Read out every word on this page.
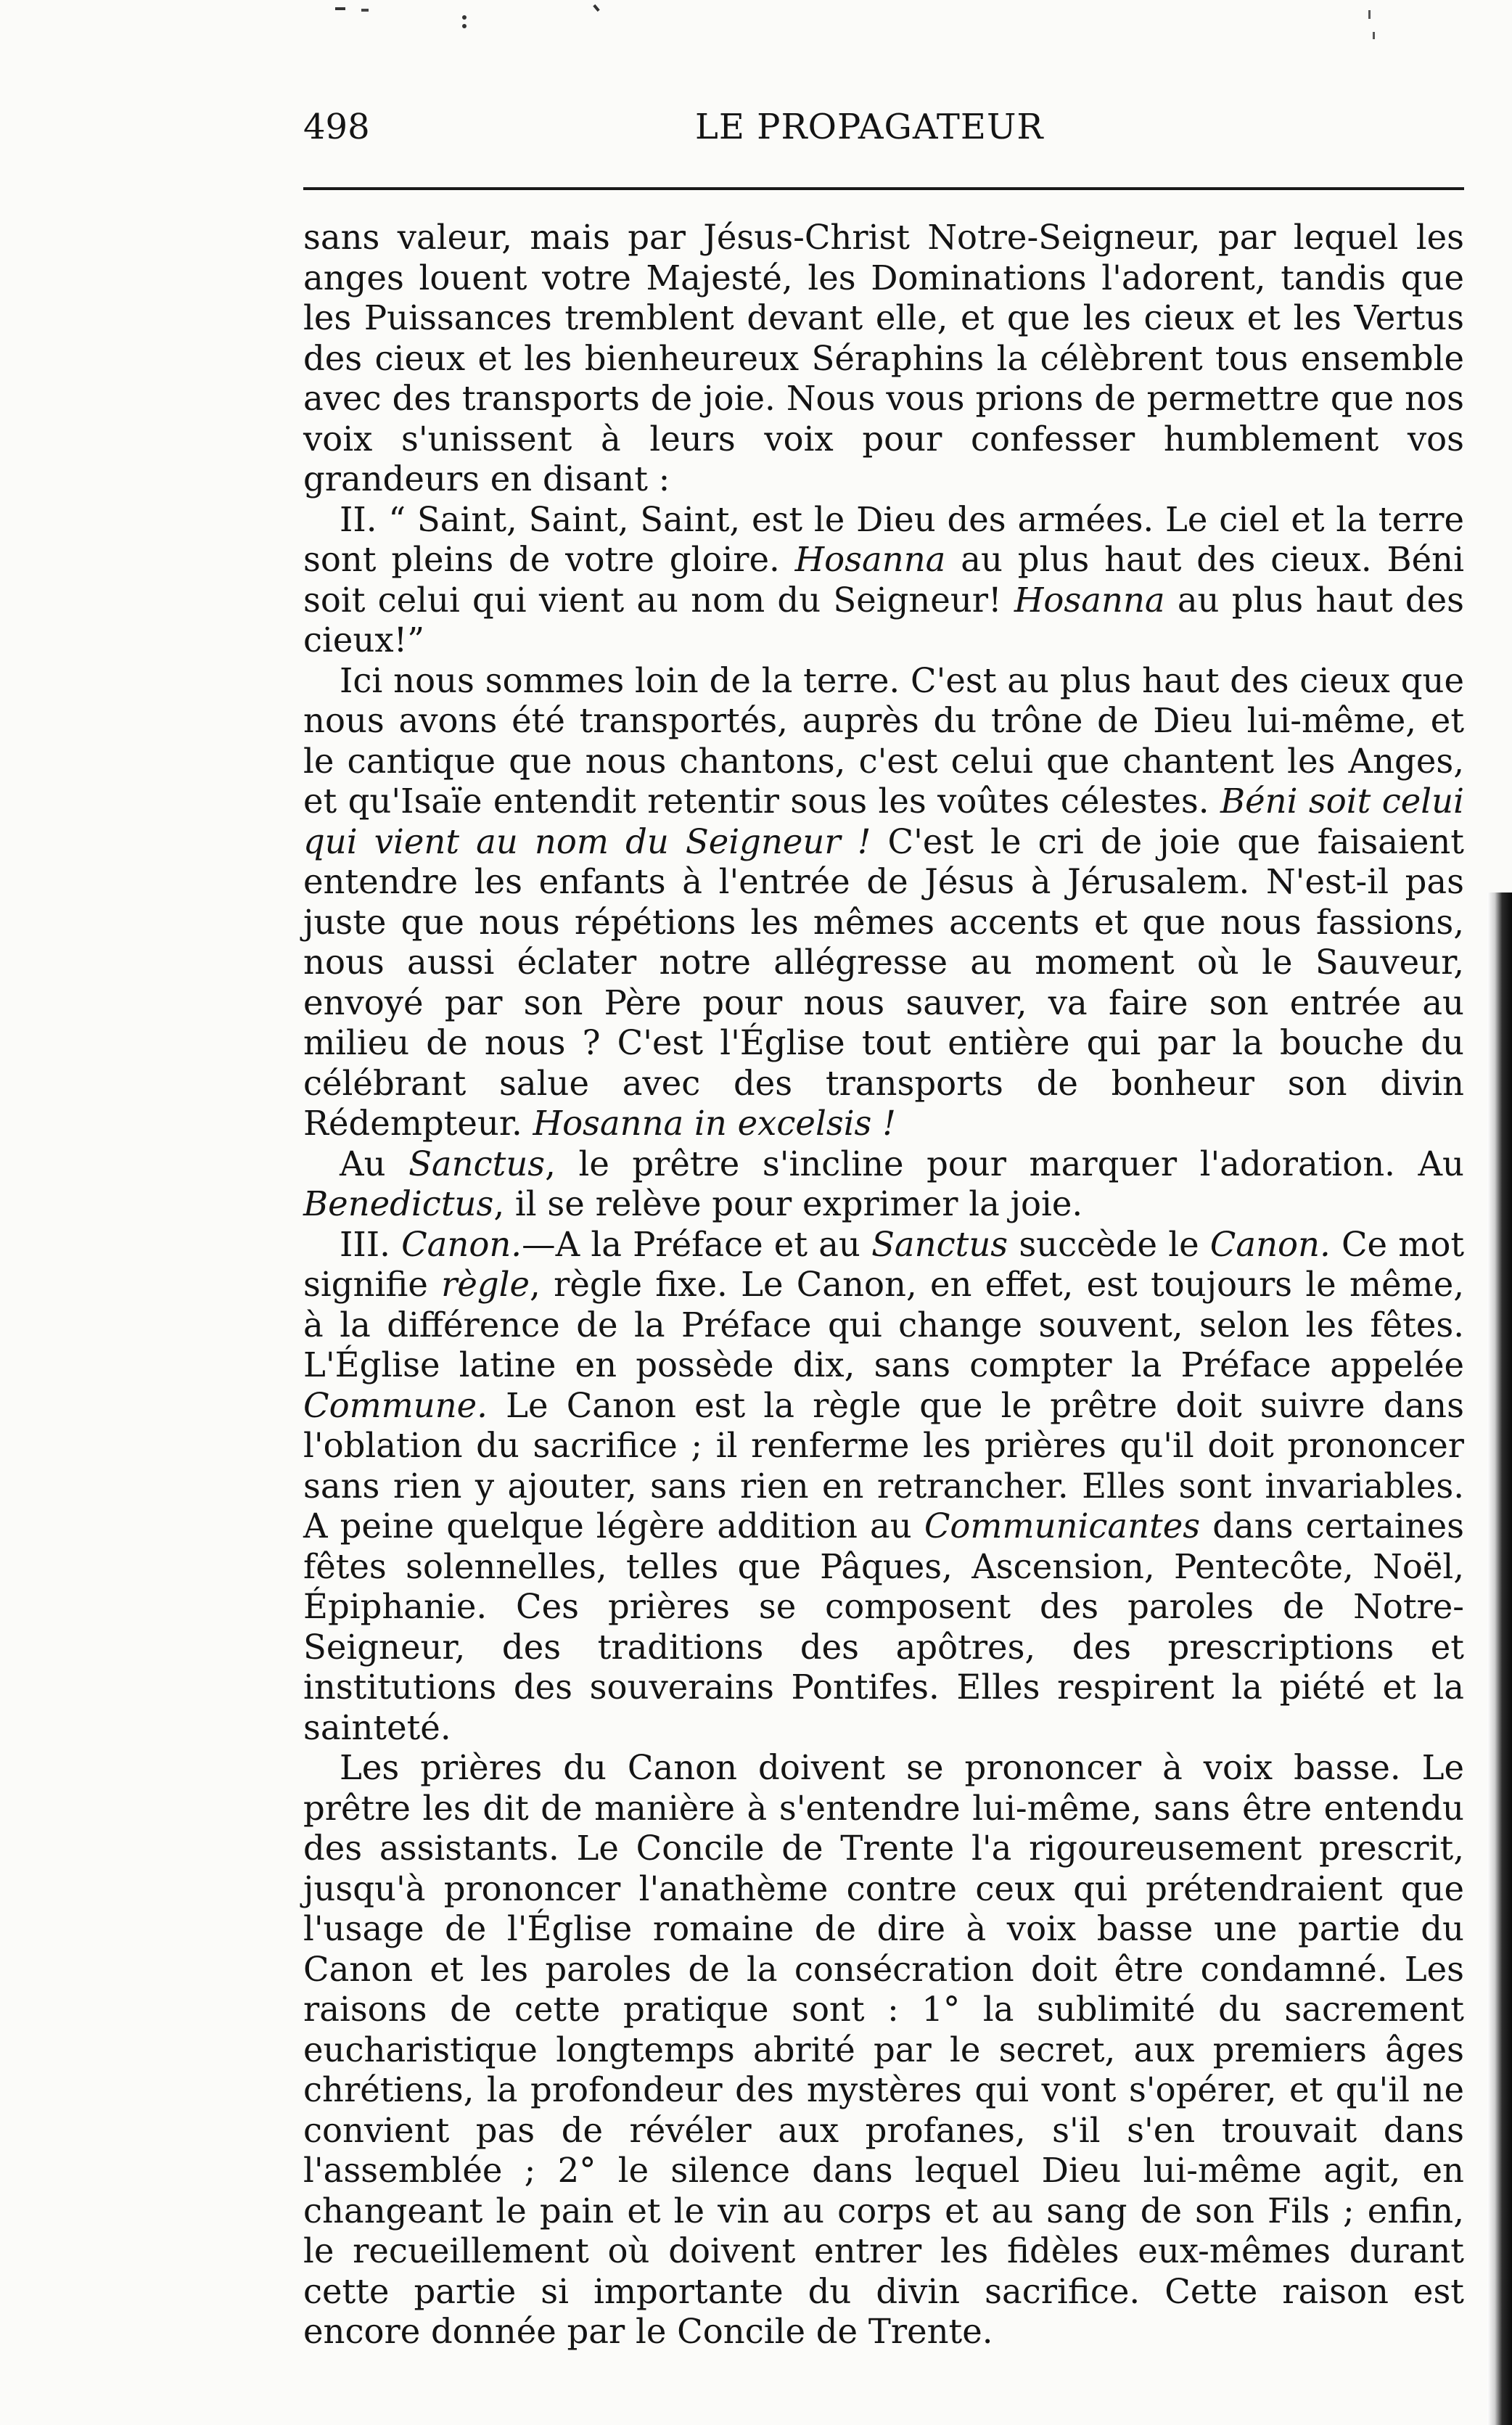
498	LE PROPAGATEUR

sans valeur, mais par Jésus-Christ Notre-Seigneur, par lequel les anges louent votre Majesté, les Dominations l'adorent, tandis que les Puissances tremblent devant elle, et que les cieux et les Vertus des cieux et les bienheureux Séraphins la célèbrent tous ensemble avec des transports de joie. Nous vous prions de permettre que nos voix s'unissent à leurs voix pour confesser humblement vos grandeurs en disant :

II. “ Saint, Saint, Saint, est le Dieu des armées. Le ciel et la terre sont pleins de votre gloire. Hosanna au plus haut des cieux. Béni soit celui qui vient au nom du Seigneur! Hosanna au plus haut des cieux!”

Ici nous sommes loin de la terre. C'est au plus haut des cieux que nous avons été transportés, auprès du trône de Dieu lui-même, et le cantique que nous chantons, c'est celui que chantent les Anges, et qu'Isaïe entendit retentir sous les voûtes célestes. Béni soit celui qui vient au nom du Seigneur ! C'est le cri de joie que faisaient entendre les enfants à l'entrée de Jésus à Jérusalem. N'est-il pas juste que nous répétions les mêmes accents et que nous fassions, nous aussi éclater notre allégresse au moment où le Sauveur, envoyé par son Père pour nous sauver, va faire son entrée au milieu de nous ? C'est l'Église tout entière qui par la bouche du célébrant salue avec des transports de bonheur son divin Rédempteur. Hosanna in excelsis !

Au Sanctus, le prêtre s'incline pour marquer l'adoration. Au Benedictus, il se relève pour exprimer la joie.

III. Canon.—A la Préface et au Sanctus succède le Canon. Ce mot signifie règle, règle fixe. Le Canon, en effet, est toujours le même, à la différence de la Préface qui change souvent, selon les fêtes. L'Église latine en possède dix, sans compter la Préface appelée Commune. Le Canon est la règle que le prêtre doit suivre dans l'oblation du sacrifice ; il renferme les prières qu'il doit prononcer sans rien y ajouter, sans rien en retrancher. Elles sont invariables. A peine quelque légère addition au Communicantes dans certaines fêtes solennelles, telles que Pâques, Ascension, Pentecôte, Noël, Épiphanie. Ces prières se composent des paroles de Notre-Seigneur, des traditions des apôtres, des prescriptions et institutions des souverains Pontifes. Elles respirent la piété et la sainteté.

Les prières du Canon doivent se prononcer à voix basse. Le prêtre les dit de manière à s'entendre lui-même, sans être entendu des assistants. Le Concile de Trente l'a rigoureusement prescrit, jusqu'à prononcer l'anathème contre ceux qui prétendraient que l'usage de l'Église romaine de dire à voix basse une partie du Canon et les paroles de la consécration doit être condamné. Les raisons de cette pratique sont : 1° la sublimité du sacrement eucharistique longtemps abrité par le secret, aux premiers âges chrétiens, la profondeur des mystères qui vont s'opérer, et qu'il ne convient pas de révéler aux profanes, s'il s'en trouvait dans l'assemblée ; 2° le silence dans lequel Dieu lui-même agit, en changeant le pain et le vin au corps et au sang de son Fils ; enfin, le recueillement où doivent entrer les fidèles eux-mêmes durant cette partie si importante du divin sacrifice. Cette raison est encore donnée par le Concile de Trente.
